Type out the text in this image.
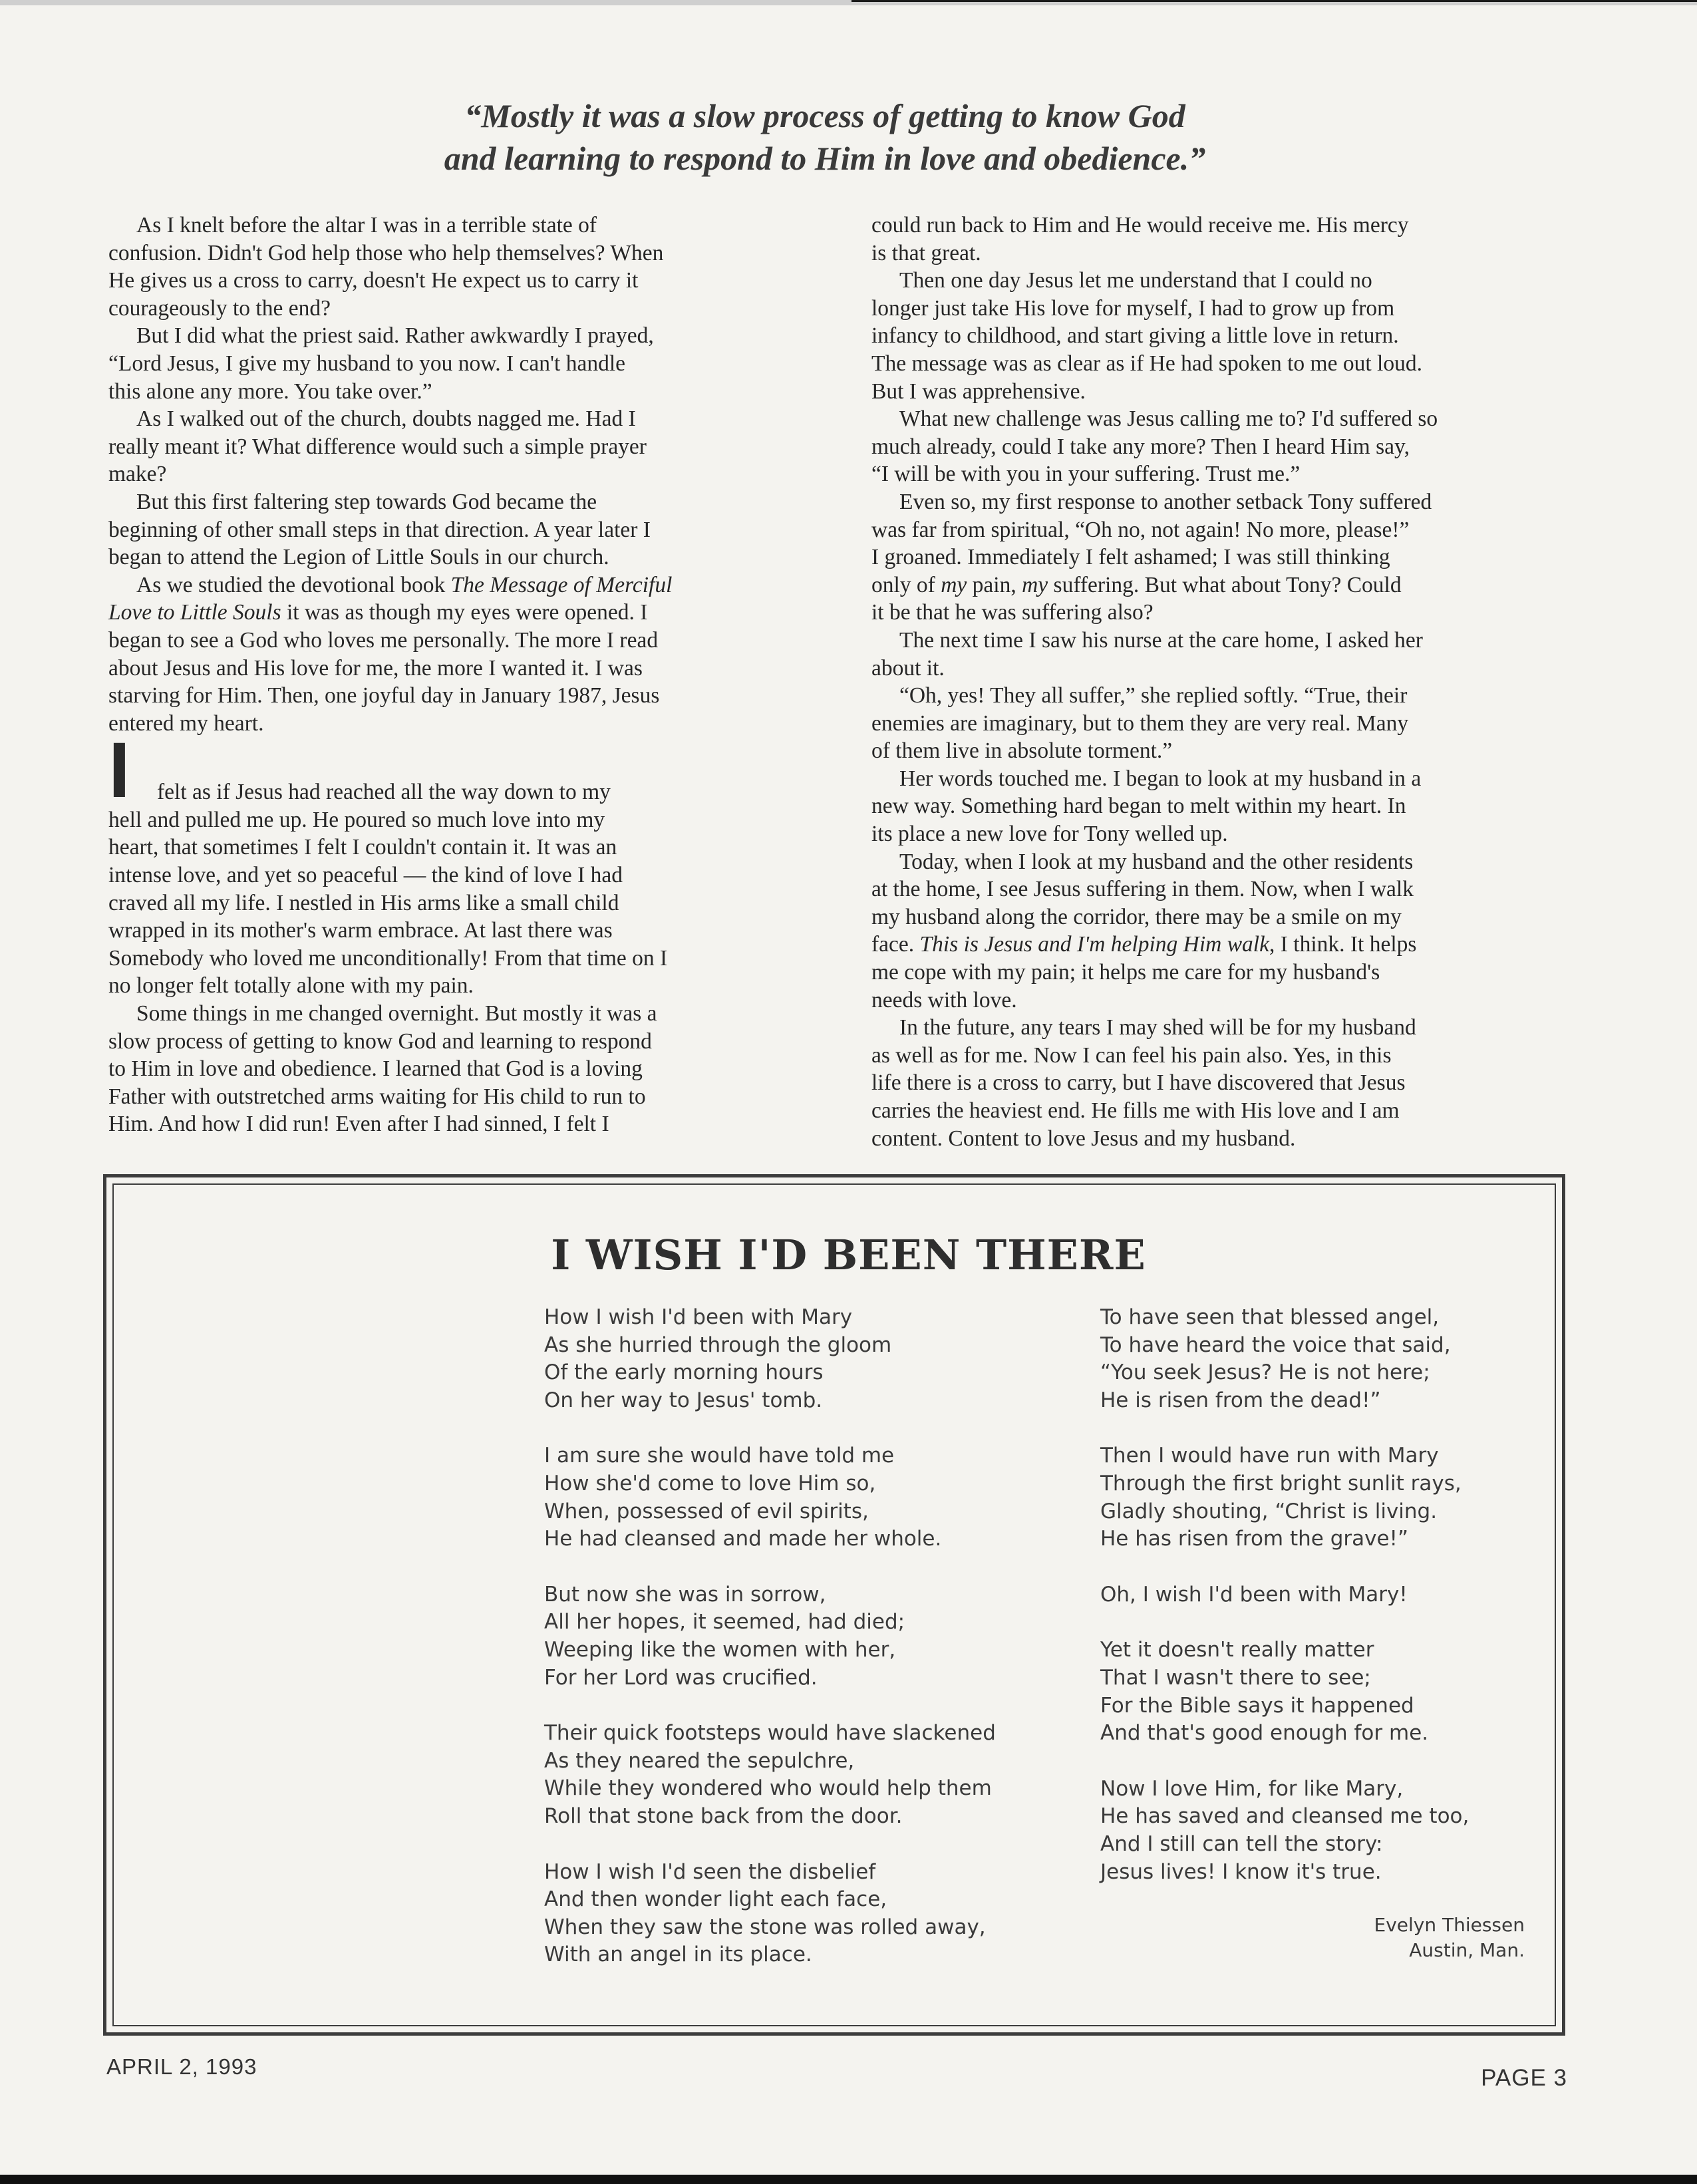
“Mostly it was a slow process of getting to know God
and learning to respond to Him in love and obedience.”

As I knelt before the altar I was in a terrible state of
confusion. Didn't God help those who help themselves? When
He gives us a cross to carry, doesn't He expect us to carry it
courageously to the end?

But I did what the priest said. Rather awkwardly I prayed,
“Lord Jesus, I give my husband to you now. I can't handle
this alone any more. You take over.”

As I walked out of the church, doubts nagged me. Had I
really meant it? What difference would such a simple prayer
make?

But this first faltering step towards God became the
beginning of other small steps in that direction. A year later I
began to attend the Legion of Little Souls in our church.

As we studied the devotional book The Message of Merciful
Love to Little Souls it was as though my eyes were opened. I
began to see a God who loves me personally. The more I read
about Jesus and His love for me, the more I wanted it. I was
starving for Him. Then, one joyful day in January 1987, Jesus
entered my heart.

I felt as if Jesus had reached all the way down to my
hell and pulled me up. He poured so much love into my
heart, that sometimes I felt I couldn't contain it. It was an
intense love, and yet so peaceful — the kind of love I had
craved all my life. I nestled in His arms like a small child
wrapped in its mother's warm embrace. At last there was
Somebody who loved me unconditionally! From that time on I
no longer felt totally alone with my pain.

Some things in me changed overnight. But mostly it was a
slow process of getting to know God and learning to respond
to Him in love and obedience. I learned that God is a loving
Father with outstretched arms waiting for His child to run to
Him. And how I did run! Even after I had sinned, I felt I

could run back to Him and He would receive me. His mercy
is that great.

Then one day Jesus let me understand that I could no
longer just take His love for myself, I had to grow up from
infancy to childhood, and start giving a little love in return.
The message was as clear as if He had spoken to me out loud.
But I was apprehensive.

What new challenge was Jesus calling me to? I'd suffered so
much already, could I take any more? Then I heard Him say,
“I will be with you in your suffering. Trust me.”

Even so, my first response to another setback Tony suffered
was far from spiritual, “Oh no, not again! No more, please!”
I groaned. Immediately I felt ashamed; I was still thinking
only of my pain, my suffering. But what about Tony? Could
it be that he was suffering also?

The next time I saw his nurse at the care home, I asked her
about it.

“Oh, yes! They all suffer,” she replied softly. “True, their
enemies are imaginary, but to them they are very real. Many
of them live in absolute torment.”

Her words touched me. I began to look at my husband in a
new way. Something hard began to melt within my heart. In
its place a new love for Tony welled up.

Today, when I look at my husband and the other residents
at the home, I see Jesus suffering in them. Now, when I walk
my husband along the corridor, there may be a smile on my
face. This is Jesus and I'm helping Him walk, I think. It helps
me cope with my pain; it helps me care for my husband's
needs with love.

In the future, any tears I may shed will be for my husband
as well as for me. Now I can feel his pain also. Yes, in this
life there is a cross to carry, but I have discovered that Jesus
carries the heaviest end. He fills me with His love and I am
content. Content to love Jesus and my husband.

I WISH I'D BEEN THERE

How I wish I'd been with Mary
As she hurried through the gloom
Of the early morning hours
On her way to Jesus' tomb.

I am sure she would have told me
How she'd come to love Him so,
When, possessed of evil spirits,
He had cleansed and made her whole.

But now she was in sorrow,
All her hopes, it seemed, had died;
Weeping like the women with her,
For her Lord was crucified.

Their quick footsteps would have slackened
As they neared the sepulchre,
While they wondered who would help them
Roll that stone back from the door.

How I wish I'd seen the disbelief
And then wonder light each face,
When they saw the stone was rolled away,
With an angel in its place.

To have seen that blessed angel,
To have heard the voice that said,
“You seek Jesus? He is not here;
He is risen from the dead!”

Then I would have run with Mary
Through the first bright sunlit rays,
Gladly shouting, “Christ is living.
He has risen from the grave!”

Oh, I wish I'd been with Mary!

Yet it doesn't really matter
That I wasn't there to see;
For the Bible says it happened
And that's good enough for me.

Now I love Him, for like Mary,
He has saved and cleansed me too,
And I still can tell the story:
Jesus lives! I know it's true.

Evelyn Thiessen
Austin, Man.
APRIL 2, 1993	PAGE 3
